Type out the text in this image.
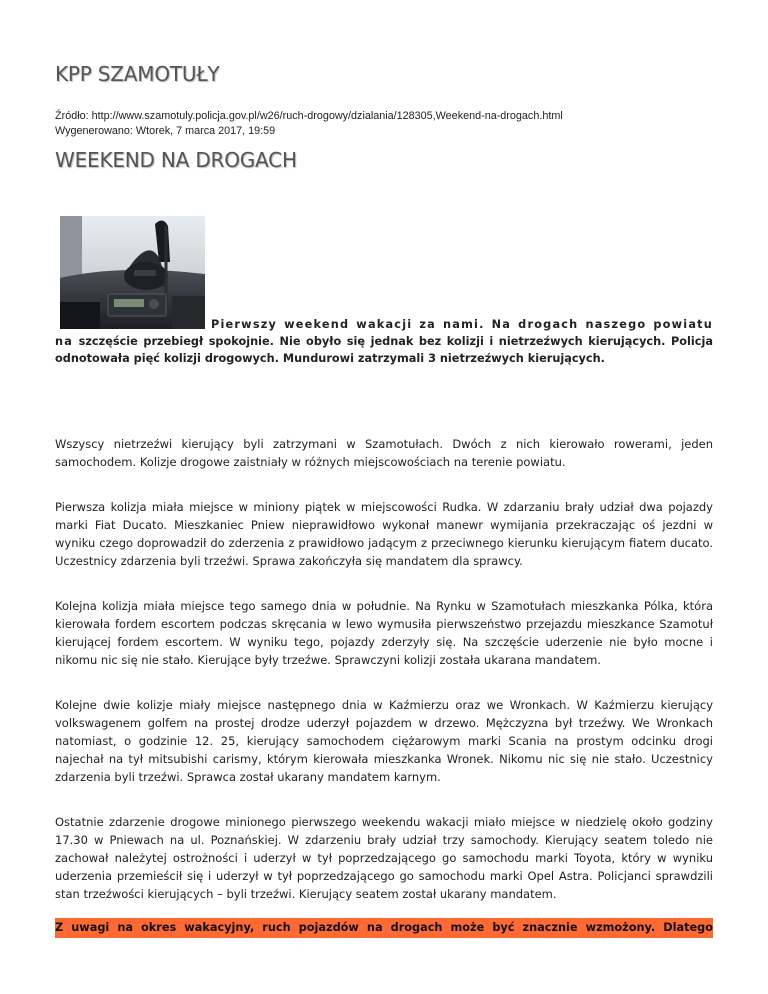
KPP SZAMOTUŁY
Źródło: http://www.szamotuly.policja.gov.pl/w26/ruch-drogowy/dzialania/128305,Weekend-na-drogach.html
Wygenerowano: Wtorek, 7 marca 2017, 19:59
WEEKEND NA DROGACH
Pierwszy weekend wakacji za nami. Na drogach naszego powiatu na szczęście przebiegł spokojnie. Nie obyło się jednak bez kolizji i nietrzeźwych kierujących. Policja odnotowała pięć kolizji drogowych. Mundurowi zatrzymali 3 nietrzeźwych kierujących.
Wszyscy nietrzeźwi kierujący byli zatrzymani w Szamotułach. Dwóch z nich kierowało rowerami, jeden samochodem. Kolizje drogowe zaistniały w różnych miejscowościach na terenie powiatu.
Pierwsza kolizja miała miejsce w miniony piątek w miejscowości Rudka. W zdarzaniu brały udział dwa pojazdy marki Fiat Ducato. Mieszkaniec Pniew nieprawidłowo wykonał manewr wymijania przekraczając oś jezdni w wyniku czego doprowadził do zderzenia z prawidłowo jadącym z przeciwnego kierunku kierującym fiatem ducato. Uczestnicy zdarzenia byli trzeźwi. Sprawa zakończyła się mandatem dla sprawcy.
Kolejna kolizja miała miejsce tego samego dnia w południe. Na Rynku w Szamotułach mieszkanka Pólka, która kierowała fordem escortem podczas skręcania w lewo wymusiła pierwszeństwo przejazdu mieszkance Szamotuł kierującej fordem escortem. W wyniku tego, pojazdy zderzyły się. Na szczęście uderzenie nie było mocne i nikomu nic się nie stało. Kierujące były trzeźwe. Sprawczyni kolizji została ukarana mandatem.
Kolejne dwie kolizje miały miejsce następnego dnia w Kaźmierzu oraz we Wronkach. W Kaźmierzu kierujący volkswagenem golfem na prostej drodze uderzył pojazdem w drzewo. Mężczyzna był trzeźwy. We Wronkach natomiast, o godzinie 12. 25, kierujący samochodem ciężarowym marki Scania na prostym odcinku drogi najechał na tył mitsubishi carismy, którym kierowała mieszkanka Wronek. Nikomu nic się nie stało. Uczestnicy zdarzenia byli trzeźwi. Sprawca został ukarany mandatem karnym.
Ostatnie zdarzenie drogowe minionego pierwszego weekendu wakacji miało miejsce w niedzielę około godziny 17.30 w Pniewach na ul. Poznańskiej. W zdarzeniu brały udział trzy samochody. Kierujący seatem toledo nie zachował należytej ostrożności i uderzył w tył poprzedzającego go samochodu marki Toyota, który w wyniku uderzenia przemieścił się i uderzył w tył poprzedzającego go samochodu marki Opel Astra. Policjanci sprawdzili stan trzeźwości kierujących – byli trzeźwi. Kierujący seatem został ukarany mandatem.
Z uwagi na okres wakacyjny, ruch pojazdów na drogach może być znacznie wzmożony. Dlatego
